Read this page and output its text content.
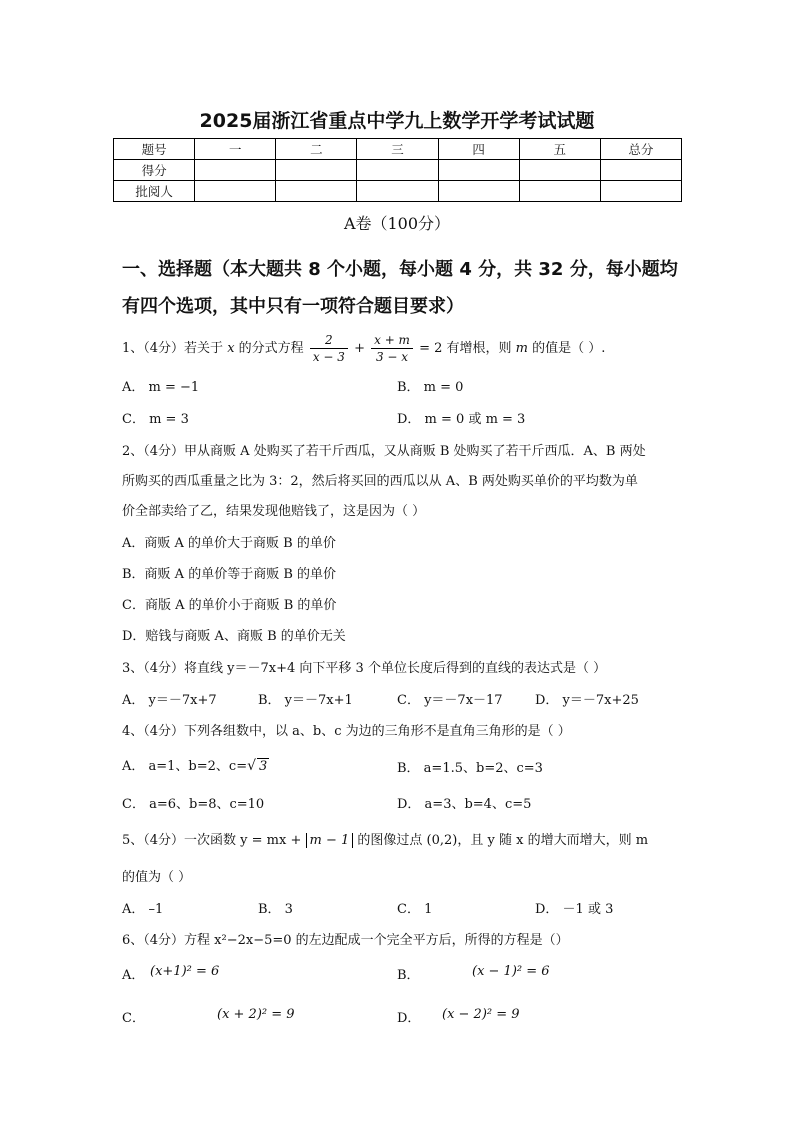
2025届浙江省重点中学九上数学开学考试试题
题号	一	二	三	四	五	总分
得分						
批阅人						
A卷（100分）
一、选择题（本大题共 8 个小题，每小题 4 分，共 32 分，每小题均
有四个选项，其中只有一项符合题目要求）
1、（4分）若关于 x 的分式方程 $\frac{2}{x - 3} + \frac{x + m}{3 - x} = 2$ 有增根，则 m 的值是（ ）.
A． m = −1	B． m = 0
C． m = 3	D． m = 0 或 m = 3
2、（4分）甲从商贩 A 处购买了若干斤西瓜，又从商贩 B 处购买了若干斤西瓜．A、B 两处
所购买的西瓜重量之比为 3：2，然后将买回的西瓜以从 A、B 两处购买单价的平均数为单
价全部卖给了乙，结果发现他赔钱了，这是因为（ ）
A．商贩 A 的单价大于商贩 B 的单价
B．商贩 A 的单价等于商贩 B 的单价
C．商版 A 的单价小于商贩 B 的单价
D．赔钱与商贩 A、商贩 B 的单价无关
3、（4分）将直线 y＝－7x+4 向下平移 3 个单位长度后得到的直线的表达式是（ ）
A． y＝－7x+7	B． y＝－7x+1	C． y＝－7x－17 D． y＝－7x+25
4、（4分）下列各组数中，以 a、b、c 为边的三角形不是直角三角形的是（ ）
A． a=1、b=2、c=√ 3	B． a=1.5、b=2、c=3
C． a=6、b=8、c=10	D． a=3、b=4、c=5
5、（4分）一次函数 y = mx + m − 1 的图像过点 (0,2)，且 y 随 x 的增大而增大，则 m
的值为（ ）
A． –1	B． 3	C． 1	D． －1 或 3
6、（4分）方程 x²−2x−5=0 的左边配成一个完全平方后，所得的方程是（）
A． (x+1)² = 6	B．	(x − 1)² = 6
C．	(x + 2)² = 9	D． (x − 2)² = 9
